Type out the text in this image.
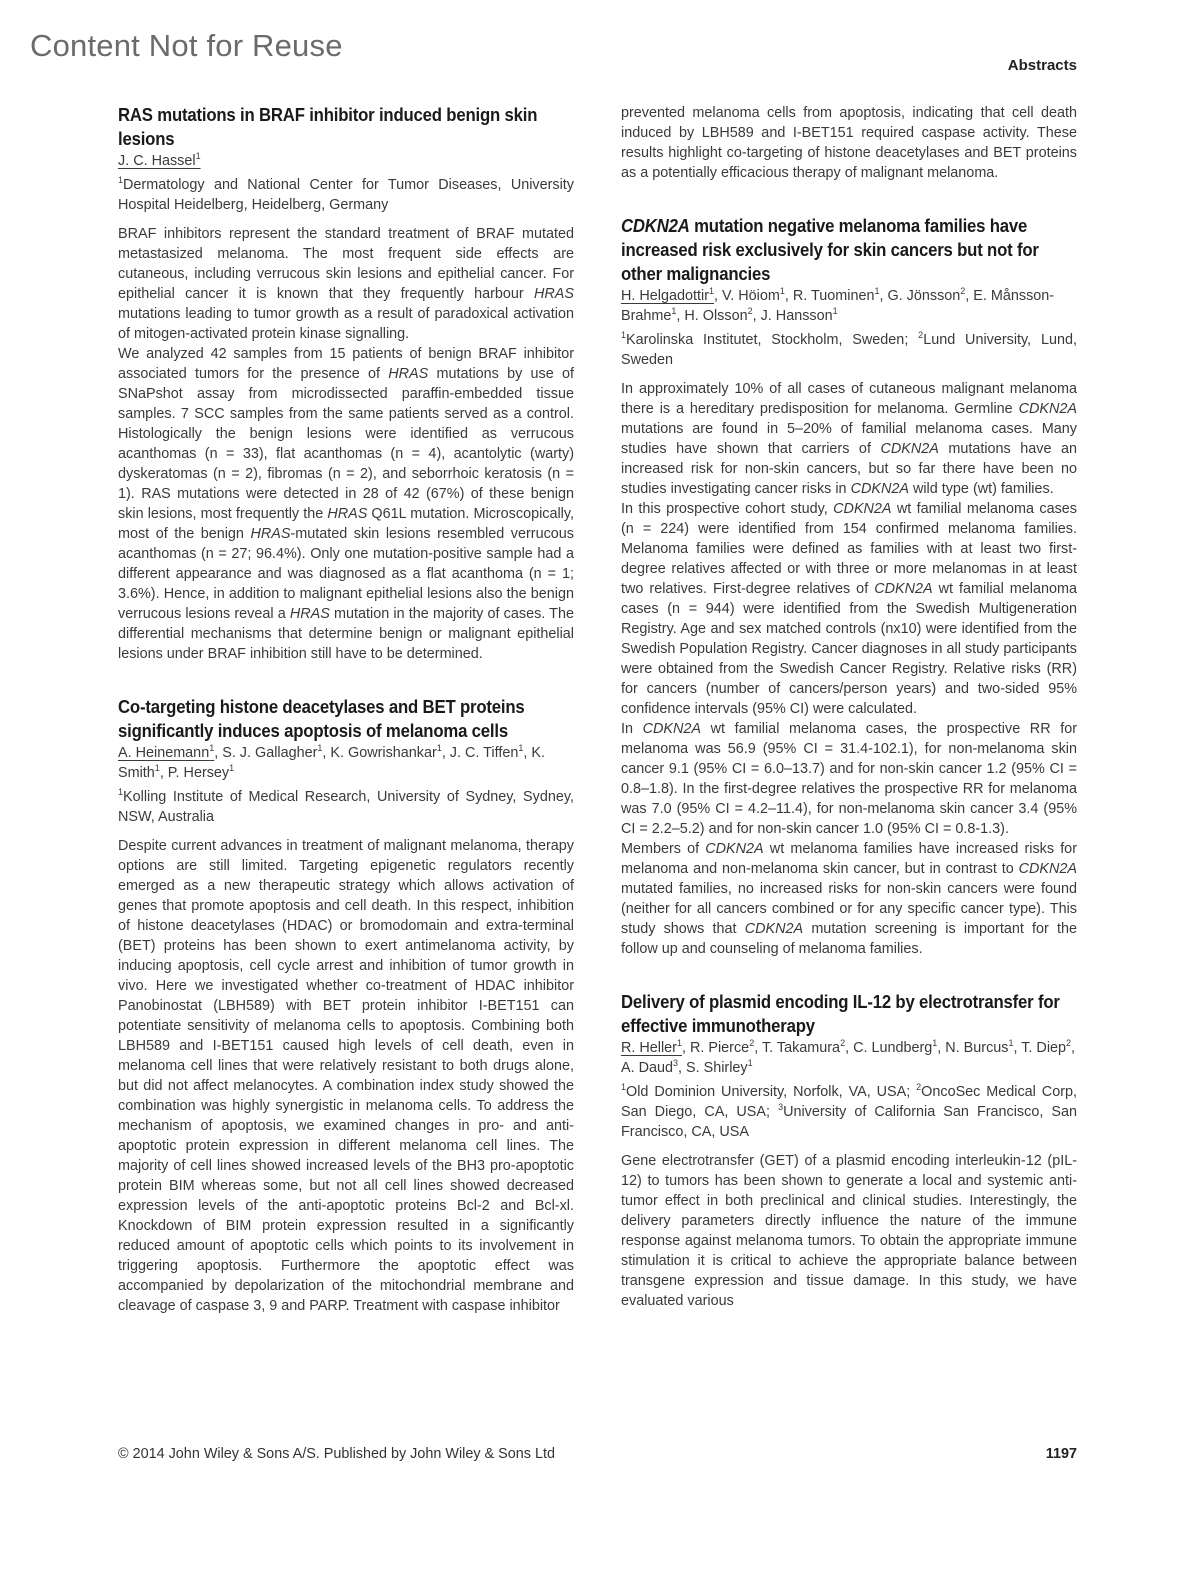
Content Not for Reuse
Abstracts
RAS mutations in BRAF inhibitor induced benign skin lesions

J. C. Hassel$^1$

$^1$Dermatology and National Center for Tumor Diseases, University Hospital Heidelberg, Heidelberg, Germany

BRAF inhibitors represent the standard treatment of BRAF mutated metastasized melanoma. The most frequent side effects are cutaneous, including verrucous skin lesions and epithelial cancer. For epithelial cancer it is known that they frequently harbour HRAS mutations leading to tumor growth as a result of paradoxical activation of mitogen-activated protein kinase signalling.

We analyzed 42 samples from 15 patients of benign BRAF inhibitor associated tumors for the presence of HRAS mutations by use of SNaPshot assay from microdissected paraffin-embedded tissue samples. 7 SCC samples from the same patients served as a control. Histologically the benign lesions were identified as verrucous acanthomas (n = 33), flat acanthomas (n = 4), acantolytic (warty) dyskeratomas (n = 2), fibromas (n = 2), and seborrhoic keratosis (n = 1). RAS mutations were detected in 28 of 42 (67%) of these benign skin lesions, most frequently the HRAS Q61L mutation. Microscopically, most of the benign HRAS-mutated skin lesions resembled verrucous acanthomas (n = 27; 96.4%). Only one mutation-positive sample had a different appearance and was diagnosed as a flat acanthoma (n = 1; 3.6%). Hence, in addition to malignant epithelial lesions also the benign verrucous lesions reveal a HRAS mutation in the majority of cases. The differential mechanisms that determine benign or malignant epithelial lesions under BRAF inhibition still have to be determined.

Co-targeting histone deacetylases and BET proteins significantly induces apoptosis of melanoma cells

A. Heinemann$^1$, S. J. Gallagher$^1$, K. Gowrishankar$^1$, J. C. Tiffen$^1$, K. Smith$^1$, P. Hersey$^1$

$^1$Kolling Institute of Medical Research, University of Sydney, Sydney, NSW, Australia

Despite current advances in treatment of malignant melanoma, therapy options are still limited. Targeting epigenetic regulators recently emerged as a new therapeutic strategy which allows activation of genes that promote apoptosis and cell death. In this respect, inhibition of histone deacetylases (HDAC) or bromodomain and extra-terminal (BET) proteins has been shown to exert antimelanoma activity, by inducing apoptosis, cell cycle arrest and inhibition of tumor growth in vivo. Here we investigated whether co-treatment of HDAC inhibitor Panobinostat (LBH589) with BET protein inhibitor I-BET151 can potentiate sensitivity of melanoma cells to apoptosis. Combining both LBH589 and I-BET151 caused high levels of cell death, even in melanoma cell lines that were relatively resistant to both drugs alone, but did not affect melanocytes. A combination index study showed the combination was highly synergistic in melanoma cells. To address the mechanism of apoptosis, we examined changes in pro- and anti-apoptotic protein expression in different melanoma cell lines. The majority of cell lines showed increased levels of the BH3 pro-apoptotic protein BIM whereas some, but not all cell lines showed decreased expression levels of the anti-apoptotic proteins Bcl-2 and Bcl-xl. Knockdown of BIM protein expression resulted in a significantly reduced amount of apoptotic cells which points to its involvement in triggering apoptosis. Furthermore the apoptotic effect was accompanied by depolarization of the mitochondrial membrane and cleavage of caspase 3, 9 and PARP. Treatment with caspase inhibitor

prevented melanoma cells from apoptosis, indicating that cell death induced by LBH589 and I-BET151 required caspase activity. These results highlight co-targeting of histone deacetylases and BET proteins as a potentially efficacious therapy of malignant melanoma.

CDKN2A mutation negative melanoma families have increased risk exclusively for skin cancers but not for other malignancies

H. Helgadottir$^1$, V. Höiom$^1$, R. Tuominen$^1$, G. Jönsson$^2$, E. Månsson-Brahme$^1$, H. Olsson$^2$, J. Hansson$^1$

$^1$Karolinska Institutet, Stockholm, Sweden; $^2$Lund University, Lund, Sweden

In approximately 10% of all cases of cutaneous malignant melanoma there is a hereditary predisposition for melanoma. Germline CDKN2A mutations are found in 5–20% of familial melanoma cases. Many studies have shown that carriers of CDKN2A mutations have an increased risk for non-skin cancers, but so far there have been no studies investigating cancer risks in CDKN2A wild type (wt) families.

In this prospective cohort study, CDKN2A wt familial melanoma cases (n = 224) were identified from 154 confirmed melanoma families. Melanoma families were defined as families with at least two first-degree relatives affected or with three or more melanomas in at least two relatives. First-degree relatives of CDKN2A wt familial melanoma cases (n = 944) were identified from the Swedish Multigeneration Registry. Age and sex matched controls (nx10) were identified from the Swedish Population Registry. Cancer diagnoses in all study participants were obtained from the Swedish Cancer Registry. Relative risks (RR) for cancers (number of cancers/person years) and two-sided 95% confidence intervals (95% CI) were calculated.

In CDKN2A wt familial melanoma cases, the prospective RR for melanoma was 56.9 (95% CI = 31.4-102.1), for non-melanoma skin cancer 9.1 (95% CI = 6.0–13.7) and for non-skin cancer 1.2 (95% CI = 0.8–1.8). In the first-degree relatives the prospective RR for melanoma was 7.0 (95% CI = 4.2–11.4), for non-melanoma skin cancer 3.4 (95% CI = 2.2–5.2) and for non-skin cancer 1.0 (95% CI = 0.8-1.3).

Members of CDKN2A wt melanoma families have increased risks for melanoma and non-melanoma skin cancer, but in contrast to CDKN2A mutated families, no increased risks for non-skin cancers were found (neither for all cancers combined or for any specific cancer type). This study shows that CDKN2A mutation screening is important for the follow up and counseling of melanoma families.

Delivery of plasmid encoding IL-12 by electrotransfer for effective immunotherapy

R. Heller$^1$, R. Pierce$^2$, T. Takamura$^2$, C. Lundberg$^1$, N. Burcus$^1$, T. Diep$^2$, A. Daud$^3$, S. Shirley$^1$

$^1$Old Dominion University, Norfolk, VA, USA; $^2$OncoSec Medical Corp, San Diego, CA, USA; $^3$University of California San Francisco, San Francisco, CA, USA

Gene electrotransfer (GET) of a plasmid encoding interleukin-12 (pIL-12) to tumors has been shown to generate a local and systemic anti-tumor effect in both preclinical and clinical studies. Interestingly, the delivery parameters directly influence the nature of the immune response against melanoma tumors. To obtain the appropriate immune stimulation it is critical to achieve the appropriate balance between transgene expression and tissue damage. In this study, we have evaluated various

© 2014 John Wiley & Sons A/S. Published by John Wiley & Sons Ltd	1197
